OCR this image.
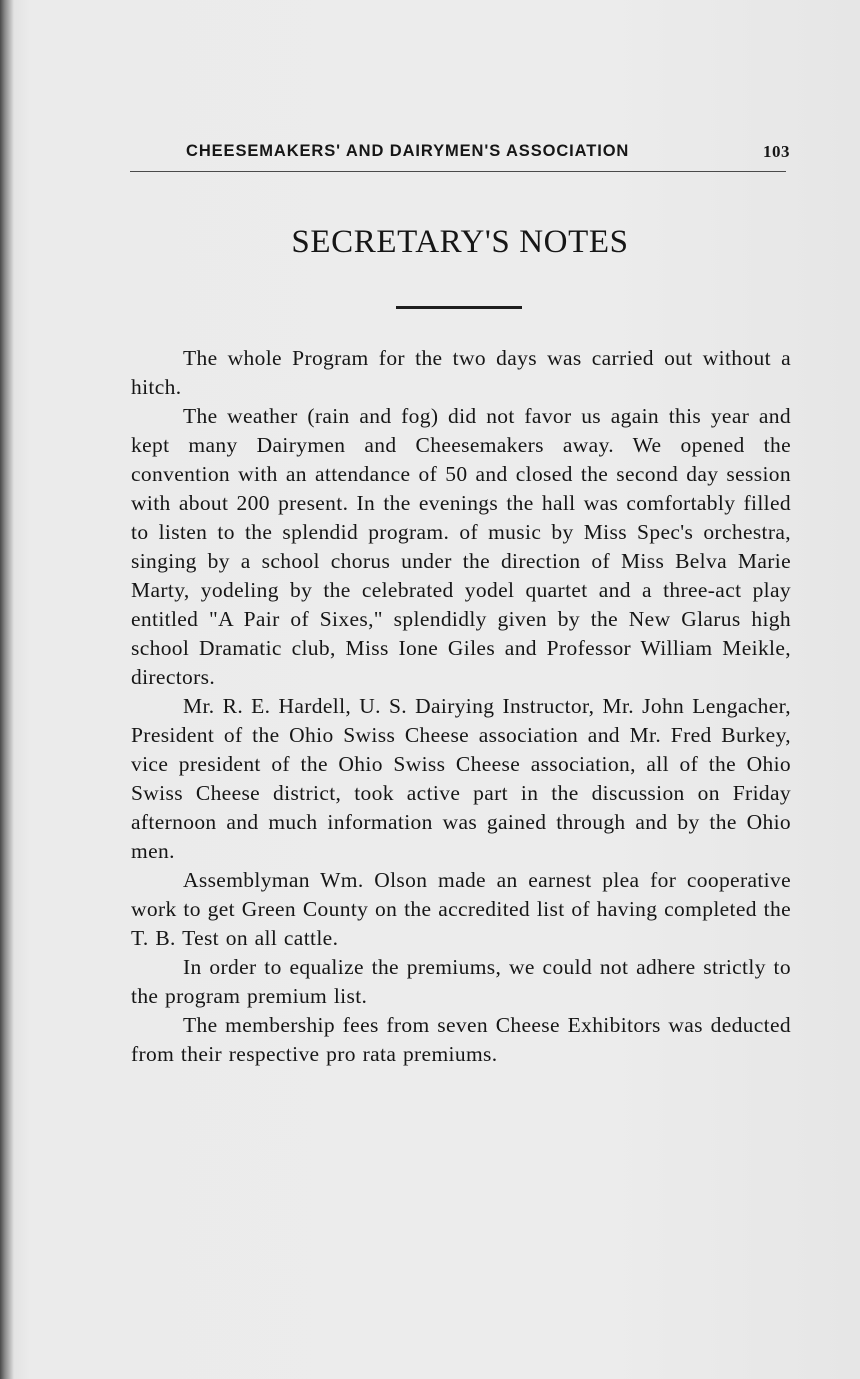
CHEESEMAKERS' AND DAIRYMEN'S ASSOCIATION	103
SECRETARY'S NOTES

The whole Program for the two days was carried out without a hitch.

The weather (rain and fog) did not favor us again this year and kept many Dairymen and Cheesemakers away. We opened the convention with an attendance of 50 and closed the second day session with about 200 present. In the evenings the hall was comfortably filled to listen to the splendid program. of music by Miss Spec's orchestra, singing by a school chorus under the direction of Miss Belva Marie Marty, yodeling by the celebrated yodel quartet and a three-act play entitled "A Pair of Sixes," splendidly given by the New Glarus high school Dramatic club, Miss Ione Giles and Professor William Meikle, directors.

Mr. R. E. Hardell, U. S. Dairying Instructor, Mr. John Lengacher, President of the Ohio Swiss Cheese association and Mr. Fred Burkey, vice president of the Ohio Swiss Cheese association, all of the Ohio Swiss Cheese district, took active part in the discussion on Friday afternoon and much information was gained through and by the Ohio men.

Assemblyman Wm. Olson made an earnest plea for cooperative work to get Green County on the accredited list of having completed the T. B. Test on all cattle.

In order to equalize the premiums, we could not adhere strictly to the program premium list.

The membership fees from seven Cheese Exhibitors was deducted from their respective pro rata premiums.
